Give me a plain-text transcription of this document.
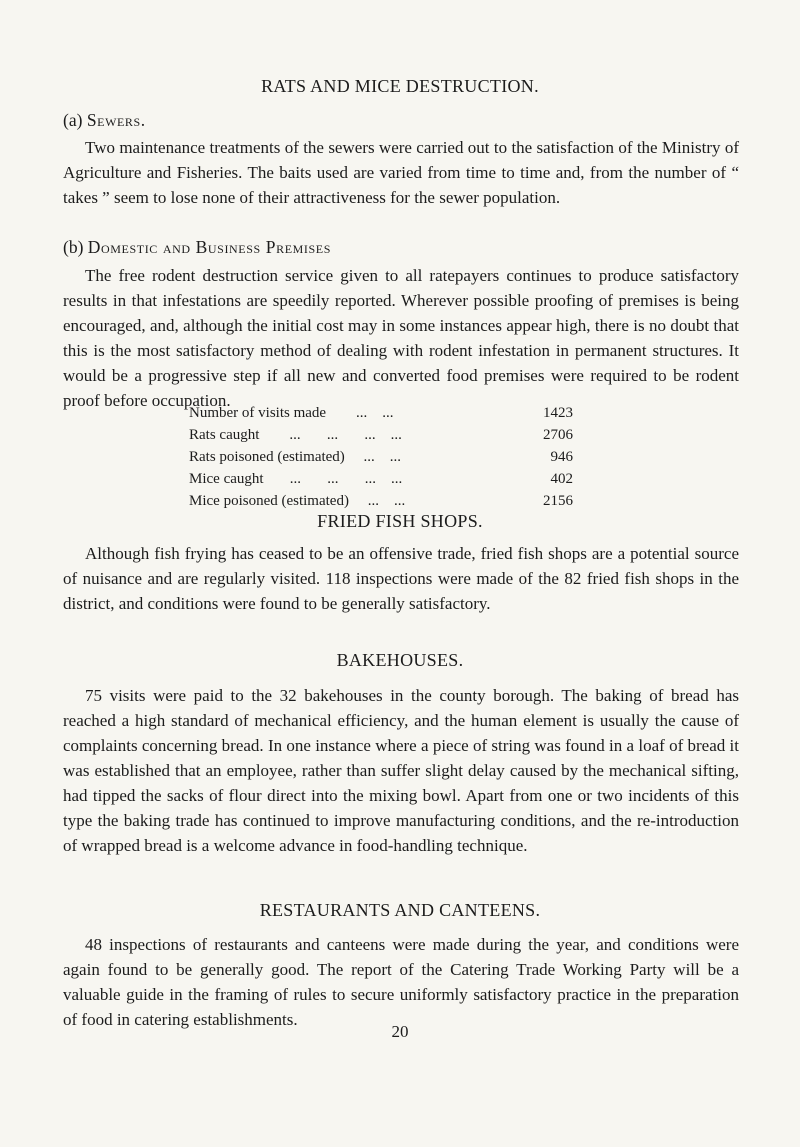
RATS AND MICE DESTRUCTION.
(a) Sewers.

Two maintenance treatments of the sewers were carried out to the satisfaction of the Ministry of Agriculture and Fisheries. The baits used are varied from time to time and, from the number of “ takes ” seem to lose none of their attractiveness for the sewer population.

(b) Domestic and Business Premises

The free rodent destruction service given to all ratepayers continues to produce satisfactory results in that infestations are speedily reported. Wherever possible proofing of premises is being encouraged, and, although the initial cost may in some instances appear high, there is no doubt that this is the most satisfactory method of dealing with rodent infestation in permanent structures. It would be a progressive step if all new and converted food premises were required to be rodent proof before occupation.

Number of visits made        ...    ...	1423
Rats caught        ...       ...       ...    ...	2706
Rats poisoned (estimated)     ...    ...	946
Mice caught       ...       ...       ...    ...	402
Mice poisoned (estimated)     ...    ...	2156
FRIED FISH SHOPS.

Although fish frying has ceased to be an offensive trade, fried fish shops are a potential source of nuisance and are regularly visited. 118 inspections were made of the 82 fried fish shops in the district, and conditions were found to be generally satisfactory.

BAKEHOUSES.

75 visits were paid to the 32 bakehouses in the county borough. The baking of bread has reached a high standard of mechanical efficiency, and the human element is usually the cause of complaints concerning bread. In one instance where a piece of string was found in a loaf of bread it was established that an employee, rather than suffer slight delay caused by the mechanical sifting, had tipped the sacks of flour direct into the mixing bowl. Apart from one or two incidents of this type the baking trade has continued to improve manufacturing conditions, and the re-introduction of wrapped bread is a welcome advance in food-handling technique.

RESTAURANTS AND CANTEENS.

48 inspections of restaurants and canteens were made during the year, and conditions were again found to be generally good. The report of the Catering Trade Working Party will be a valuable guide in the framing of rules to secure uniformly satisfactory practice in the preparation of food in catering establishments.

20
